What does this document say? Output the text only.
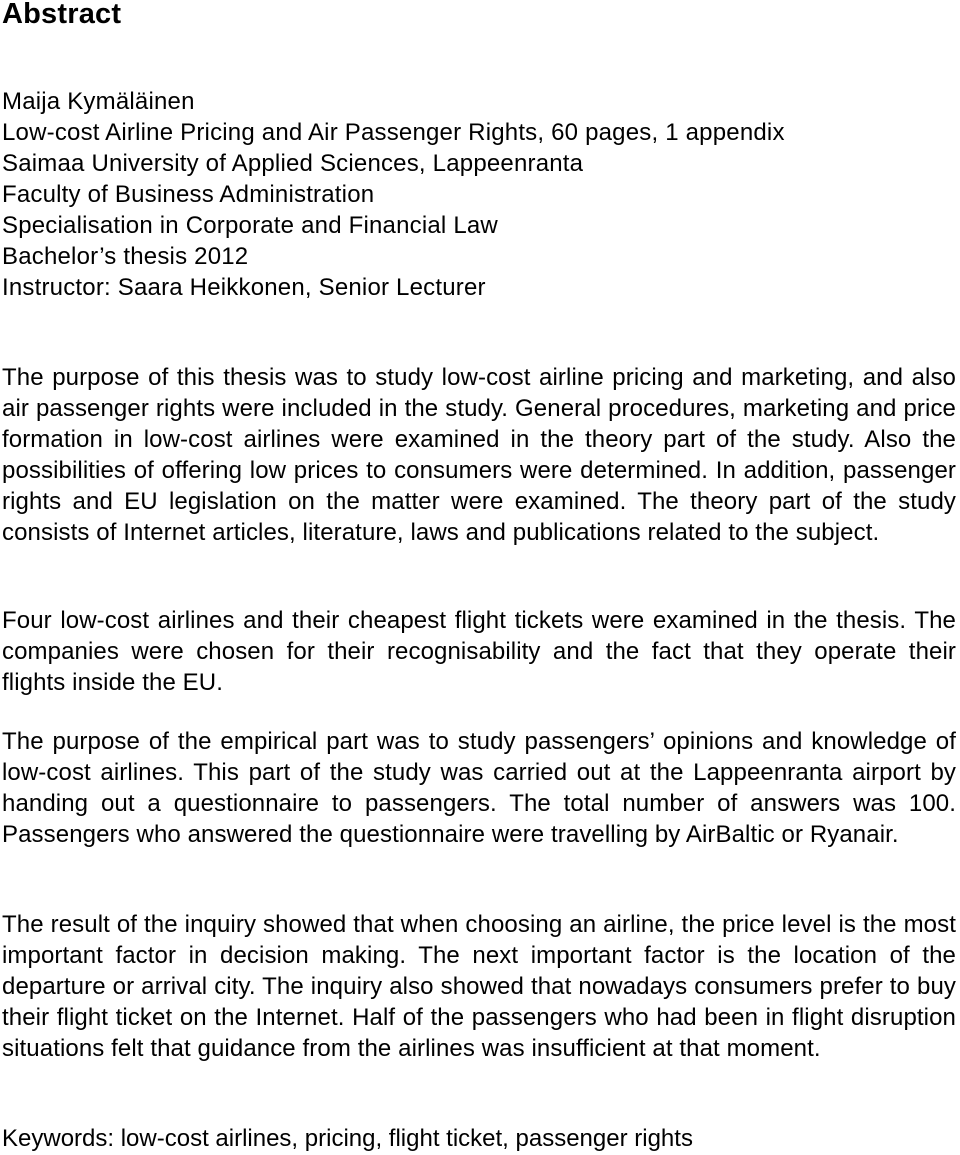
Abstract
Maija Kymäläinen
Low-cost Airline Pricing and Air Passenger Rights, 60 pages, 1 appendix
Saimaa University of Applied Sciences, Lappeenranta
Faculty of Business Administration
Specialisation in Corporate and Financial Law
Bachelor’s thesis 2012
Instructor: Saara Heikkonen, Senior Lecturer

The purpose of this thesis was to study low-cost airline pricing and marketing, and also air passenger rights were included in the study. General procedures, marketing and price formation in low-cost airlines were examined in the theory part of the study. Also the possibilities of offering low prices to consumers were determined. In addition, passenger rights and EU legislation on the matter were examined. The theory part of the study consists of Internet articles, literature, laws and publications related to the subject.

Four low-cost airlines and their cheapest flight tickets were examined in the thesis. The companies were chosen for their recognisability and the fact that they operate their flights inside the EU.

The purpose of the empirical part was to study passengers’ opinions and knowledge of low-cost airlines. This part of the study was carried out at the Lappeenranta airport by handing out a questionnaire to passengers. The total number of answers was 100. Passengers who answered the questionnaire were travelling by AirBaltic or Ryanair.

The result of the inquiry showed that when choosing an airline, the price level is the most important factor in decision making. The next important factor is the location of the departure or arrival city. The inquiry also showed that nowadays consumers prefer to buy their flight ticket on the Internet. Half of the passengers who had been in flight disruption situations felt that guidance from the airlines was insufficient at that moment.

Keywords: low-cost airlines, pricing, flight ticket, passenger rights
